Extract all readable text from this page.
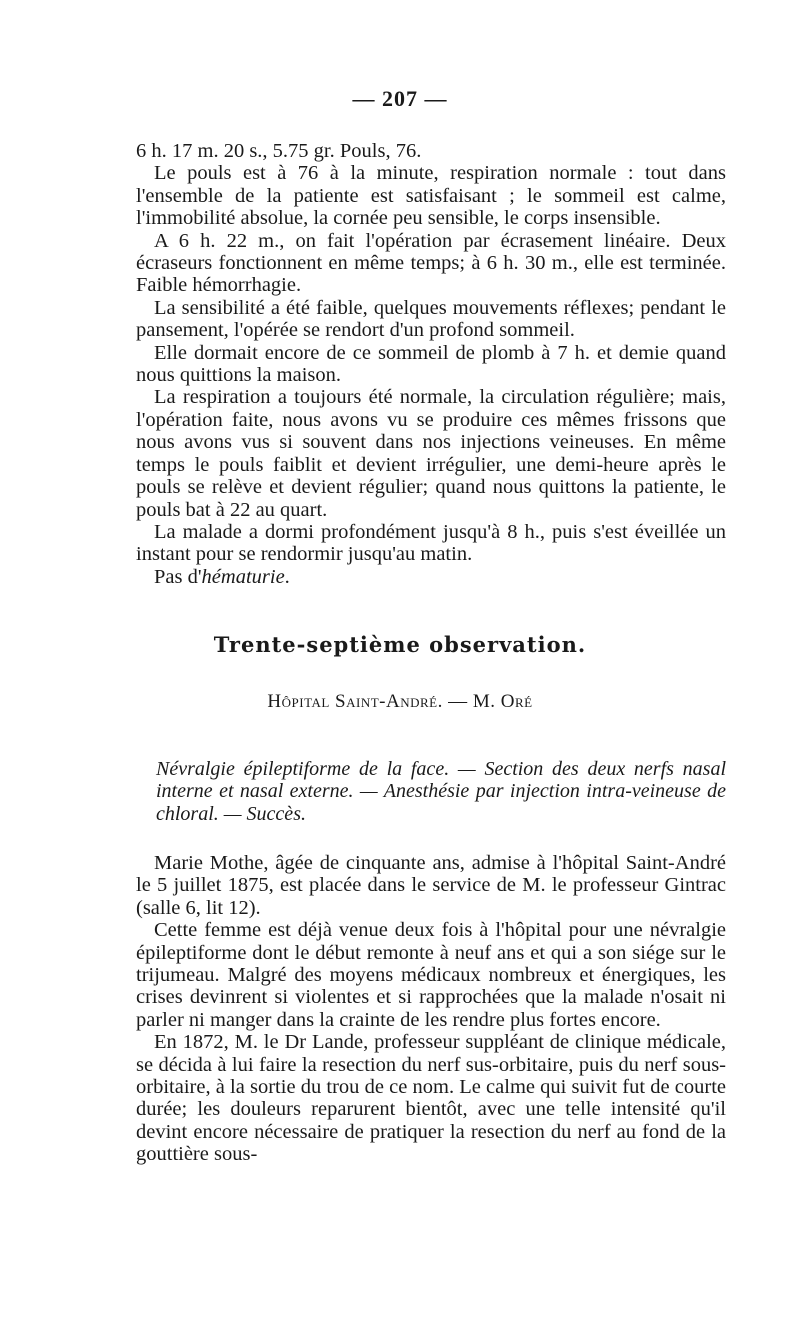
— 207 —

6 h. 17 m. 20 s., 5.75 gr. Pouls, 76.

Le pouls est à 76 à la minute, respiration normale : tout dans l'ensemble de la patiente est satisfaisant ; le sommeil est calme, l'immobilité absolue, la cornée peu sensible, le corps insensible.

A 6 h. 22 m., on fait l'opération par écrasement linéaire. Deux écraseurs fonctionnent en même temps; à 6 h. 30 m., elle est terminée. Faible hémorrhagie.

La sensibilité a été faible, quelques mouvements réflexes; pendant le pansement, l'opérée se rendort d'un profond sommeil.

Elle dormait encore de ce sommeil de plomb à 7 h. et demie quand nous quittions la maison.

La respiration a toujours été normale, la circulation régulière; mais, l'opération faite, nous avons vu se produire ces mêmes frissons que nous avons vus si souvent dans nos injections veineuses. En même temps le pouls faiblit et devient irrégulier, une demi-heure après le pouls se relève et devient régulier; quand nous quittons la patiente, le pouls bat à 22 au quart.

La malade a dormi profondément jusqu'à 8 h., puis s'est éveillée un instant pour se rendormir jusqu'au matin.

Pas d'hématurie.

Trente-septième observation.
Hôpital Saint-André. — M. Oré

Névralgie épileptiforme de la face. — Section des deux nerfs nasal interne et nasal externe. — Anesthésie par injection intra-veineuse de chloral. — Succès.

Marie Mothe, âgée de cinquante ans, admise à l'hôpital Saint-André le 5 juillet 1875, est placée dans le service de M. le professeur Gintrac (salle 6, lit 12).

Cette femme est déjà venue deux fois à l'hôpital pour une névralgie épileptiforme dont le début remonte à neuf ans et qui a son siége sur le trijumeau. Malgré des moyens médicaux nombreux et énergiques, les crises devinrent si violentes et si rapprochées que la malade n'osait ni parler ni manger dans la crainte de les rendre plus fortes encore.

En 1872, M. le Dr Lande, professeur suppléant de clinique médicale, se décida à lui faire la resection du nerf sus-orbitaire, puis du nerf sous-orbitaire, à la sortie du trou de ce nom. Le calme qui suivit fut de courte durée; les douleurs reparurent bientôt, avec une telle intensité qu'il devint encore nécessaire de pratiquer la resection du nerf au fond de la gouttière sous-
